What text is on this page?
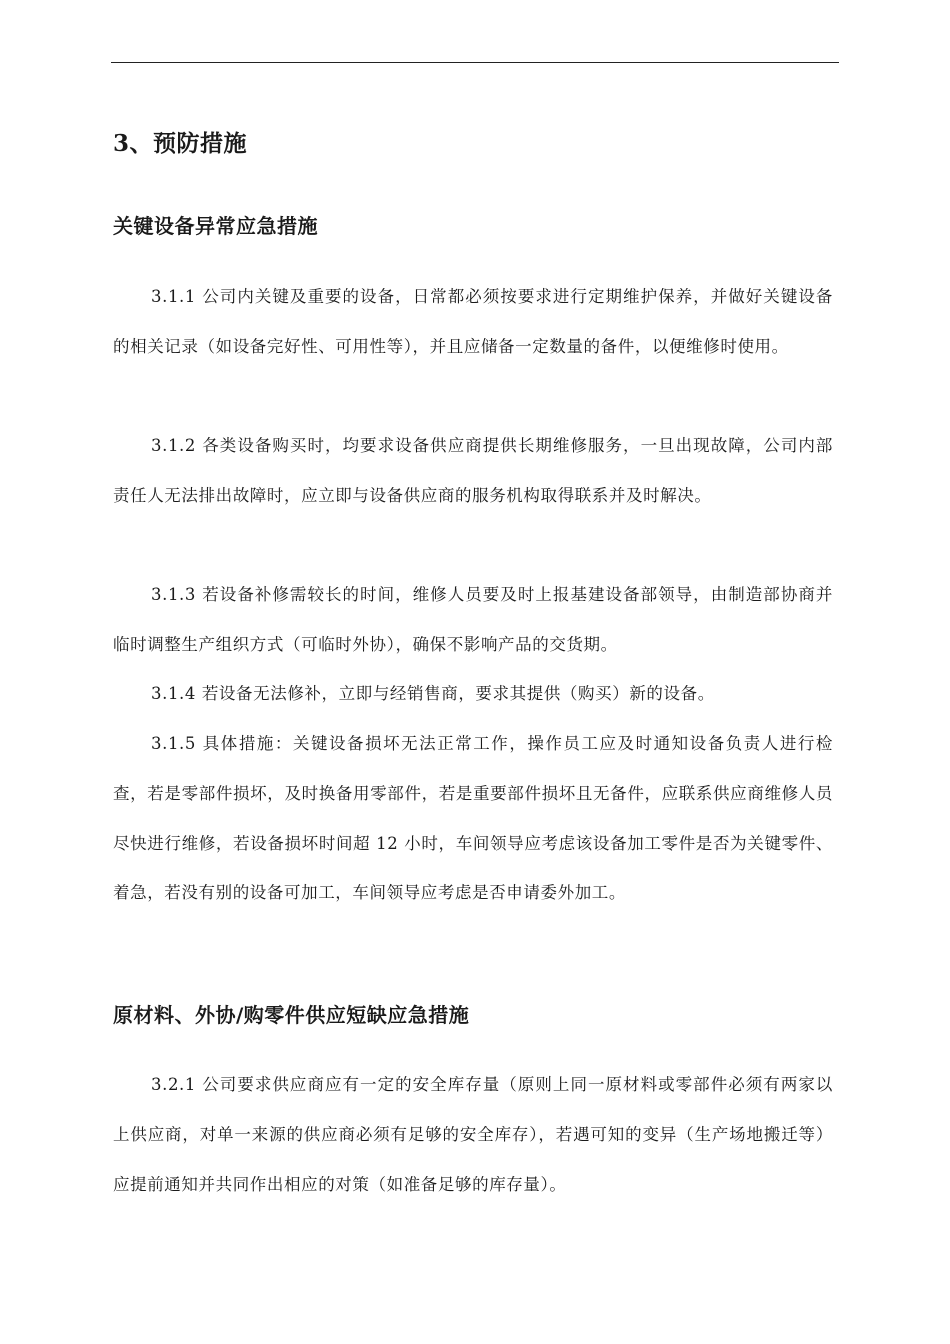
3、预防措施
关键设备异常应急措施

3.1.1 公司内关键及重要的设备，日常都必须按要求进行定期维护保养，并做好关键设备的相关记录（如设备完好性、可用性等），并且应储备一定数量的备件，以便维修时使用。

3.1.2 各类设备购买时，均要求设备供应商提供长期维修服务，一旦出现故障，公司内部责任人无法排出故障时，应立即与设备供应商的服务机构取得联系并及时解决。

3.1.3 若设备补修需较长的时间，维修人员要及时上报基建设备部领导，由制造部协商并临时调整生产组织方式（可临时外协），确保不影响产品的交货期。

3.1.4 若设备无法修补，立即与经销售商，要求其提供（购买）新的设备。

3.1.5 具体措施：关键设备损坏无法正常工作，操作员工应及时通知设备负责人进行检查，若是零部件损坏，及时换备用零部件，若是重要部件损坏且无备件，应联系供应商维修人员尽快进行维修，若设备损坏时间超 12 小时，车间领导应考虑该设备加工零件是否为关键零件、着急，若没有别的设备可加工，车间领导应考虑是否申请委外加工。

原材料、外协/购零件供应短缺应急措施

3.2.1 公司要求供应商应有一定的安全库存量（原则上同一原材料或零部件必须有两家以上供应商，对单一来源的供应商必须有足够的安全库存），若遇可知的变异（生产场地搬迁等）应提前通知并共同作出相应的对策（如准备足够的库存量）。
